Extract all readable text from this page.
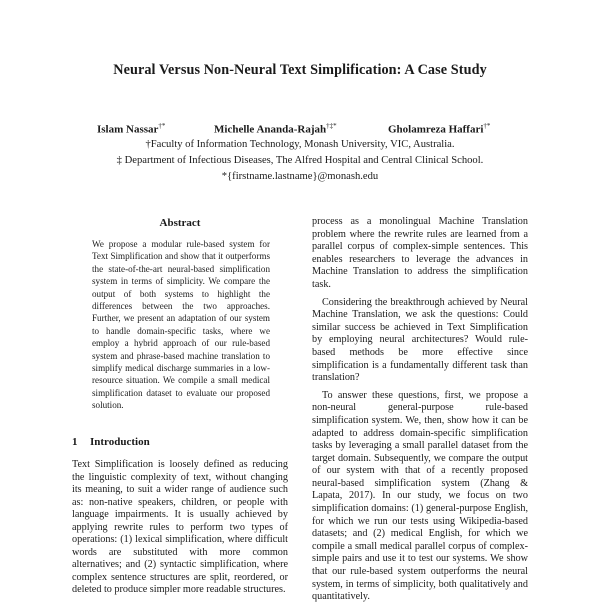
Neural Versus Non-Neural Text Simplification: A Case Study
Islam Nassar†*	Michelle Ananda-Rajah†‡*	Gholamreza Haffari†*
†Faculty of Information Technology, Monash University, VIC, Australia.
‡ Department of Infectious Diseases, The Alfred Hospital and Central Clinical School.
*{firstname.lastname}@monash.edu
Abstract

We propose a modular rule-based system for Text Simplification and show that it outperforms the state-of-the-art neural-based simplification system in terms of simplicity. We compare the output of both systems to highlight the differences between the two approaches. Further, we present an adaptation of our system to handle domain-specific tasks, where we employ a hybrid approach of our rule-based system and phrase-based machine translation to simplify medical discharge summaries in a low-resource situation. We compile a small medical simplification dataset to evaluate our proposed solution.

1 Introduction

Text Simplification is loosely defined as reducing the linguistic complexity of text, without changing its meaning, to suit a wider range of audience such as: non-native speakers, children, or people with language impairments. It is usually achieved by applying rewrite rules to perform two types of operations: (1) lexical simplification, where difficult words are substituted with more common alternatives; and (2) syntactic simplification, where complex sentence structures are split, reordered, or deleted to produce simpler more readable structures.

process as a monolingual Machine Translation problem where the rewrite rules are learned from a parallel corpus of complex-simple sentences. This enables researchers to leverage the advances in Machine Translation to address the simplification task.

Considering the breakthrough achieved by Neural Machine Translation, we ask the questions: Could similar success be achieved in Text Simplification by employing neural architectures? Would rule-based methods be more effective since simplification is a fundamentally different task than translation?

To answer these questions, first, we propose a non-neural general-purpose rule-based simplification system. We, then, show how it can be adapted to address domain-specific simplification tasks by leveraging a small parallel dataset from the target domain. Subsequently, we compare the output of our system with that of a recently proposed neural-based simplification system (Zhang & Lapata, 2017). In our study, we focus on two simplification domains: (1) general-purpose English, for which we run our tests using Wikipedia-based datasets; and (2) medical English, for which we compile a small medical parallel corpus of complex-simple pairs and use it to test our systems. We show that our rule-based system outperforms the neural system, in terms of simplicity, both qualitatively and quantitatively.
